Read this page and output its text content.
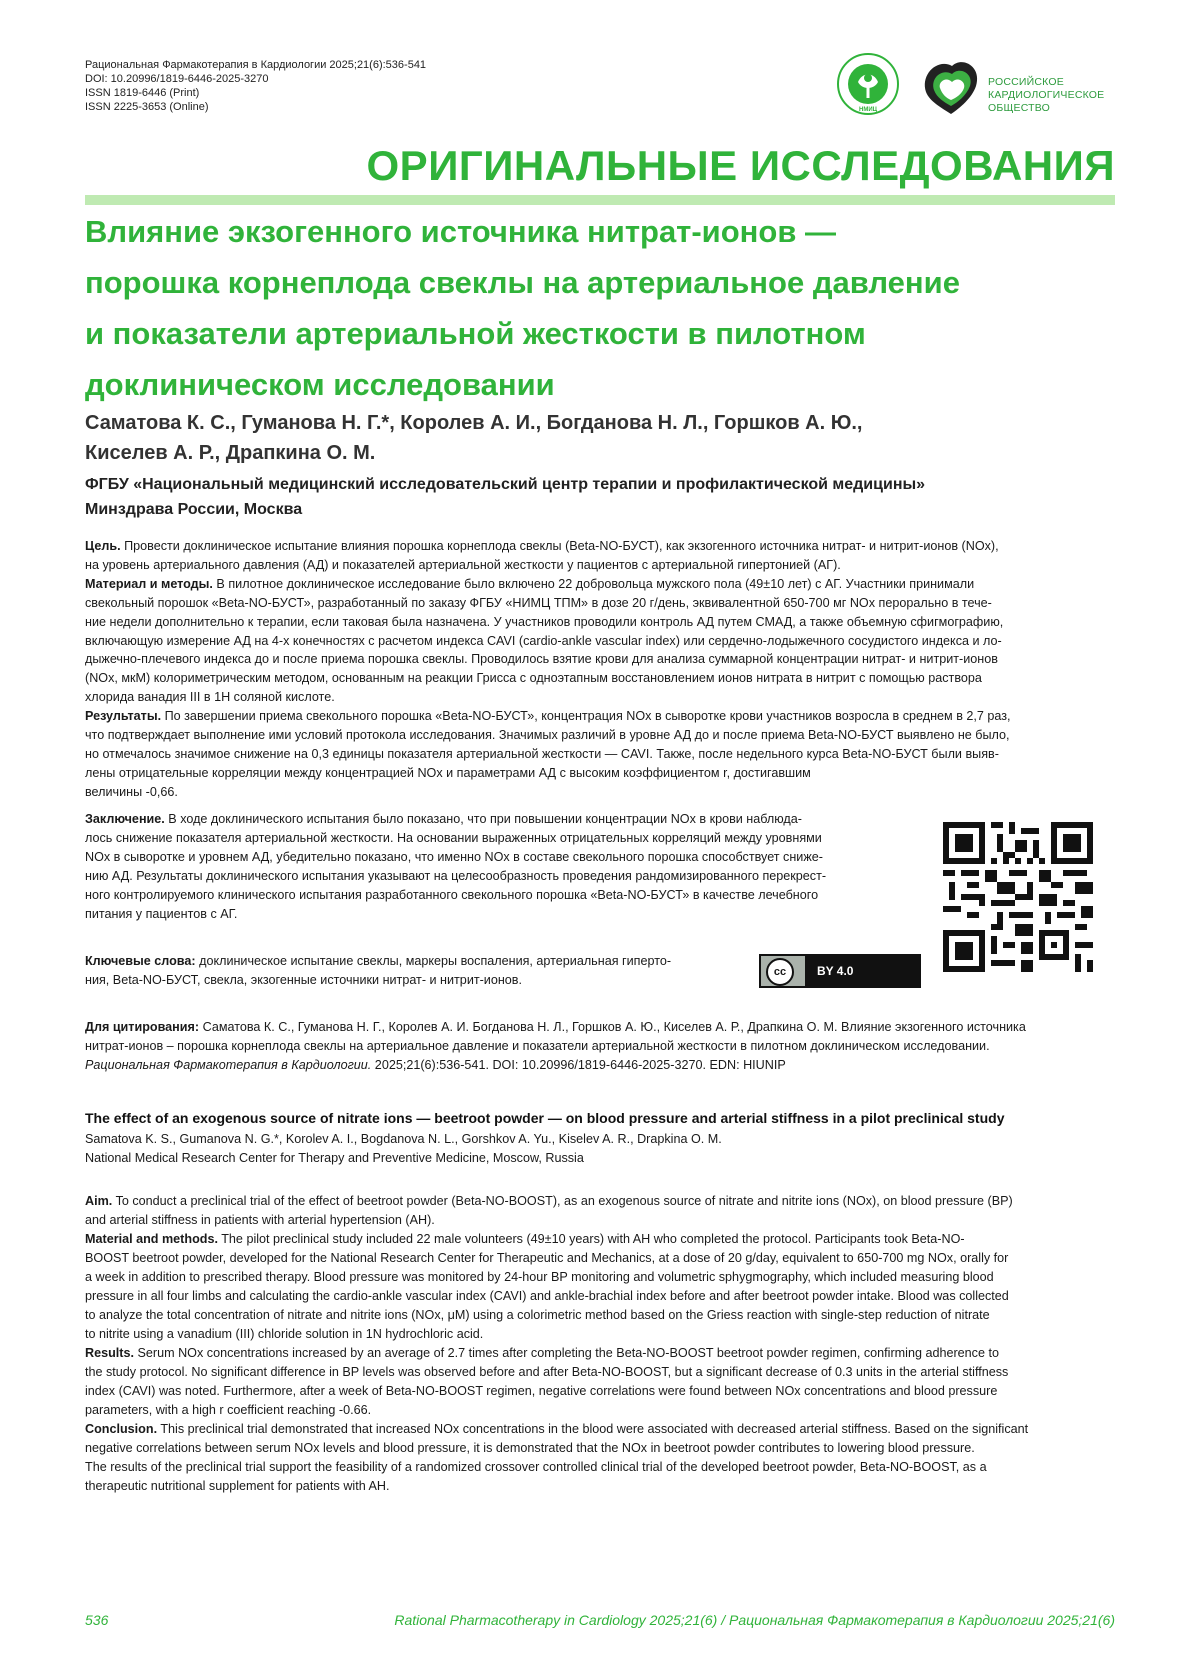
Рациональная Фармакотерапия в Кардиологии 2025;21(6):536-541
DOI: 10.20996/1819-6446-2025-3270
ISSN 1819-6446 (Print)
ISSN 2225-3653 (Online)	НМИЦ
РОССИЙСКОЕ
КАРДИОЛОГИЧЕСКОЕ
ОБЩЕСТВО
ОРИГИНАЛЬНЫЕ ИССЛЕДОВАНИЯ
Влияние экзогенного источника нитрат-ионов —
порошка корнеплода свеклы на артериальное давление
и показатели артериальной жесткости в пилотном
доклиническом исследовании
Саматова К. С., Гуманова Н. Г.*, Королев А. И., Богданова Н. Л., Горшков А. Ю.,
Киселев А. Р., Драпкина О. М.
ФГБУ «Национальный медицинский исследовательский центр терапии и профилактической медицины»
Минздрава России, Москва
Цель. Провести доклиническое испытание влияния порошка корнеплода свеклы (Beta-NO-БУСТ), как экзогенного источника нитрат- и нитрит-ионов (NOx),
на уровень артериального давления (АД) и показателей артериальной жесткости у пациентов с артериальной гипертонией (АГ).
Материал и методы. В пилотное доклиническое исследование было включено 22 добровольца мужского пола (49±10 лет) с АГ. Участники принимали
свекольный порошок «Beta-NO-БУСТ», разработанный по заказу ФГБУ «НИМЦ ТПМ» в дозе 20 г/день, эквивалентной 650-700 мг NOx перорально в тече-
ние недели дополнительно к терапии, если таковая была назначена. У участников проводили контроль АД путем СМАД, а также объемную сфигмографию,
включающую измерение АД на 4-х конечностях с расчетом индекса CAVI (cardio-ankle vascular index) или сердечно-лодыжечного сосудистого индекса и ло-
дыжечно-плечевого индекса до и после приема порошка свеклы. Проводилось взятие крови для анализа суммарной концентрации нитрат- и нитрит-ионов
(NOx, мкМ) колориметрическим методом, основанным на реакции Грисса с одноэтапным восстановлением ионов нитрата в нитрит с помощью раствора
хлорида ванадия III в 1Н соляной кислоте.
Результаты. По завершении приема свекольного порошка «Beta-NO-БУСТ», концентрация NOx в сыворотке крови участников возросла в среднем в 2,7 раз,
что подтверждает выполнение ими условий протокола исследования. Значимых различий в уровне АД до и после приема Beta-NO-БУСТ выявлено не было,
но отмечалось значимое снижение на 0,3 единицы показателя артериальной жесткости — CAVI. Также, после недельного курса Beta-NO-БУСТ были выяв-
лены отрицательные корреляции между концентрацией NOx и параметрами АД с высоким коэффициентом r, достигавшим
величины -0,66.
Заключение. В ходе доклинического испытания было показано, что при повышении концентрации NOx в крови наблюда-
лось снижение показателя артериальной жесткости. На основании выраженных отрицательных корреляций между уровнями
NOx в сыворотке и уровнем АД, убедительно показано, что именно NOx в составе свекольного порошка способствует сниже-
нию АД. Результаты доклинического испытания указывают на целесообразность проведения рандомизированного перекрест-
ного контролируемого клинического испытания разработанного свекольного порошка «Beta-NO-БУСТ» в качестве лечебного
питания у пациентов с АГ.
Ключевые слова: доклиническое испытание свеклы, маркеры воспаления, артериальная гиперто-
ния, Beta-NO-БУСТ, свекла, экзогенные источники нитрат- и нитрит-ионов.
cc	BY 4.0
Для цитирования: Саматова К. С., Гуманова Н. Г., Королев А. И. Богданова Н. Л., Горшков А. Ю., Киселев А. Р., Драпкина О. М. Влияние экзогенного источника
нитрат-ионов – порошка корнеплода свеклы на артериальное давление и показатели артериальной жесткости в пилотном доклиническом исследовании.
Рациональная Фармакотерапия в Кардиологии. 2025;21(6):536-541. DOI: 10.20996/1819-6446-2025-3270. EDN: HIUNIP
The effect of an exogenous source of nitrate ions — beetroot powder — on blood pressure and arterial stiffness in a pilot preclinical study
Samatova K. S., Gumanova N. G.*, Korolev A. I., Bogdanova N. L., Gorshkov A. Yu., Kiselev A. R., Drapkina O. M.
National Medical Research Center for Therapy and Preventive Medicine, Moscow, Russia
Aim. To conduct a preclinical trial of the effect of beetroot powder (Beta-NO-BOOST), as an exogenous source of nitrate and nitrite ions (NOx), on blood pressure (BP)
and arterial stiffness in patients with arterial hypertension (AH).
Material and methods. The pilot preclinical study included 22 male volunteers (49±10 years) with AH who completed the protocol. Participants took Beta-NO-
BOOST beetroot powder, developed for the National Research Center for Therapeutic and Mechanics, at a dose of 20 g/day, equivalent to 650-700 mg NOx, orally for
a week in addition to prescribed therapy. Blood pressure was monitored by 24-hour BP monitoring and volumetric sphygmography, which included measuring blood
pressure in all four limbs and calculating the cardio-ankle vascular index (CAVI) and ankle-brachial index before and after beetroot powder intake. Blood was collected
to analyze the total concentration of nitrate and nitrite ions (NOx, μM) using a colorimetric method based on the Griess reaction with single-step reduction of nitrate
to nitrite using a vanadium (III) chloride solution in 1N hydrochloric acid.
Results. Serum NOx concentrations increased by an average of 2.7 times after completing the Beta-NO-BOOST beetroot powder regimen, confirming adherence to
the study protocol. No significant difference in BP levels was observed before and after Beta-NO-BOOST, but a significant decrease of 0.3 units in the arterial stiffness
index (CAVI) was noted. Furthermore, after a week of Beta-NO-BOOST regimen, negative correlations were found between NOx concentrations and blood pressure
parameters, with a high r coefficient reaching -0.66.
Conclusion. This preclinical trial demonstrated that increased NOx concentrations in the blood were associated with decreased arterial stiffness. Based on the significant
negative correlations between serum NOx levels and blood pressure, it is demonstrated that the NOx in beetroot powder contributes to lowering blood pressure.
The results of the preclinical trial support the feasibility of a randomized crossover controlled clinical trial of the developed beetroot powder, Beta-NO-BOOST, as a
therapeutic nutritional supplement for patients with AH.
536	Rational Pharmacotherapy in Cardiology 2025;21(6) / Рациональная Фармакотерапия в Кардиологии 2025;21(6)
